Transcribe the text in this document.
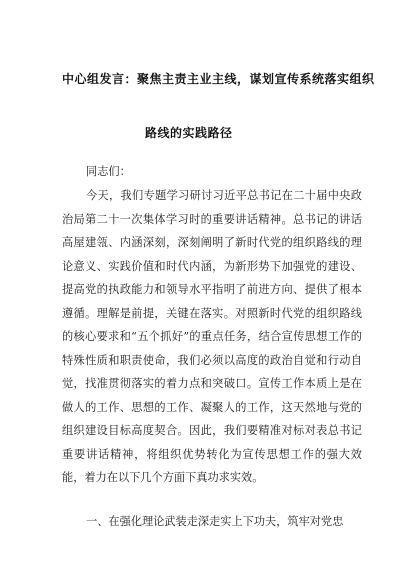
中心组发言：聚焦主责主业主线，谋划宣传系统落实组织
路线的实践路径

同志们：

今天，我们专题学习研讨习近平总书记在二十届中央政治局第二十一次集体学习时的重要讲话精神。总书记的讲话高屋建瓴、内涵深刻，深刻阐明了新时代党的组织路线的理论意义、实践价值和时代内涵，为新形势下加强党的建设、提高党的执政能力和领导水平指明了前进方向、提供了根本遵循。理解是前提，关键在落实。对照新时代党的组织路线的核心要求和“五个抓好”的重点任务，结合宣传思想工作的特殊性质和职责使命，我们必须以高度的政治自觉和行动自觉，找准贯彻落实的着力点和突破口。宣传工作本质上是在做人的工作、思想的工作、凝聚人的工作，这天然地与党的组织建设目标高度契合。因此，我们要精准对标对表总书记重要讲话精神，将组织优势转化为宣传思想工作的强大效能，着力在以下几个方面下真功求实效。

一、在强化理论武装走深走实上下功夫，筑牢对党忠
